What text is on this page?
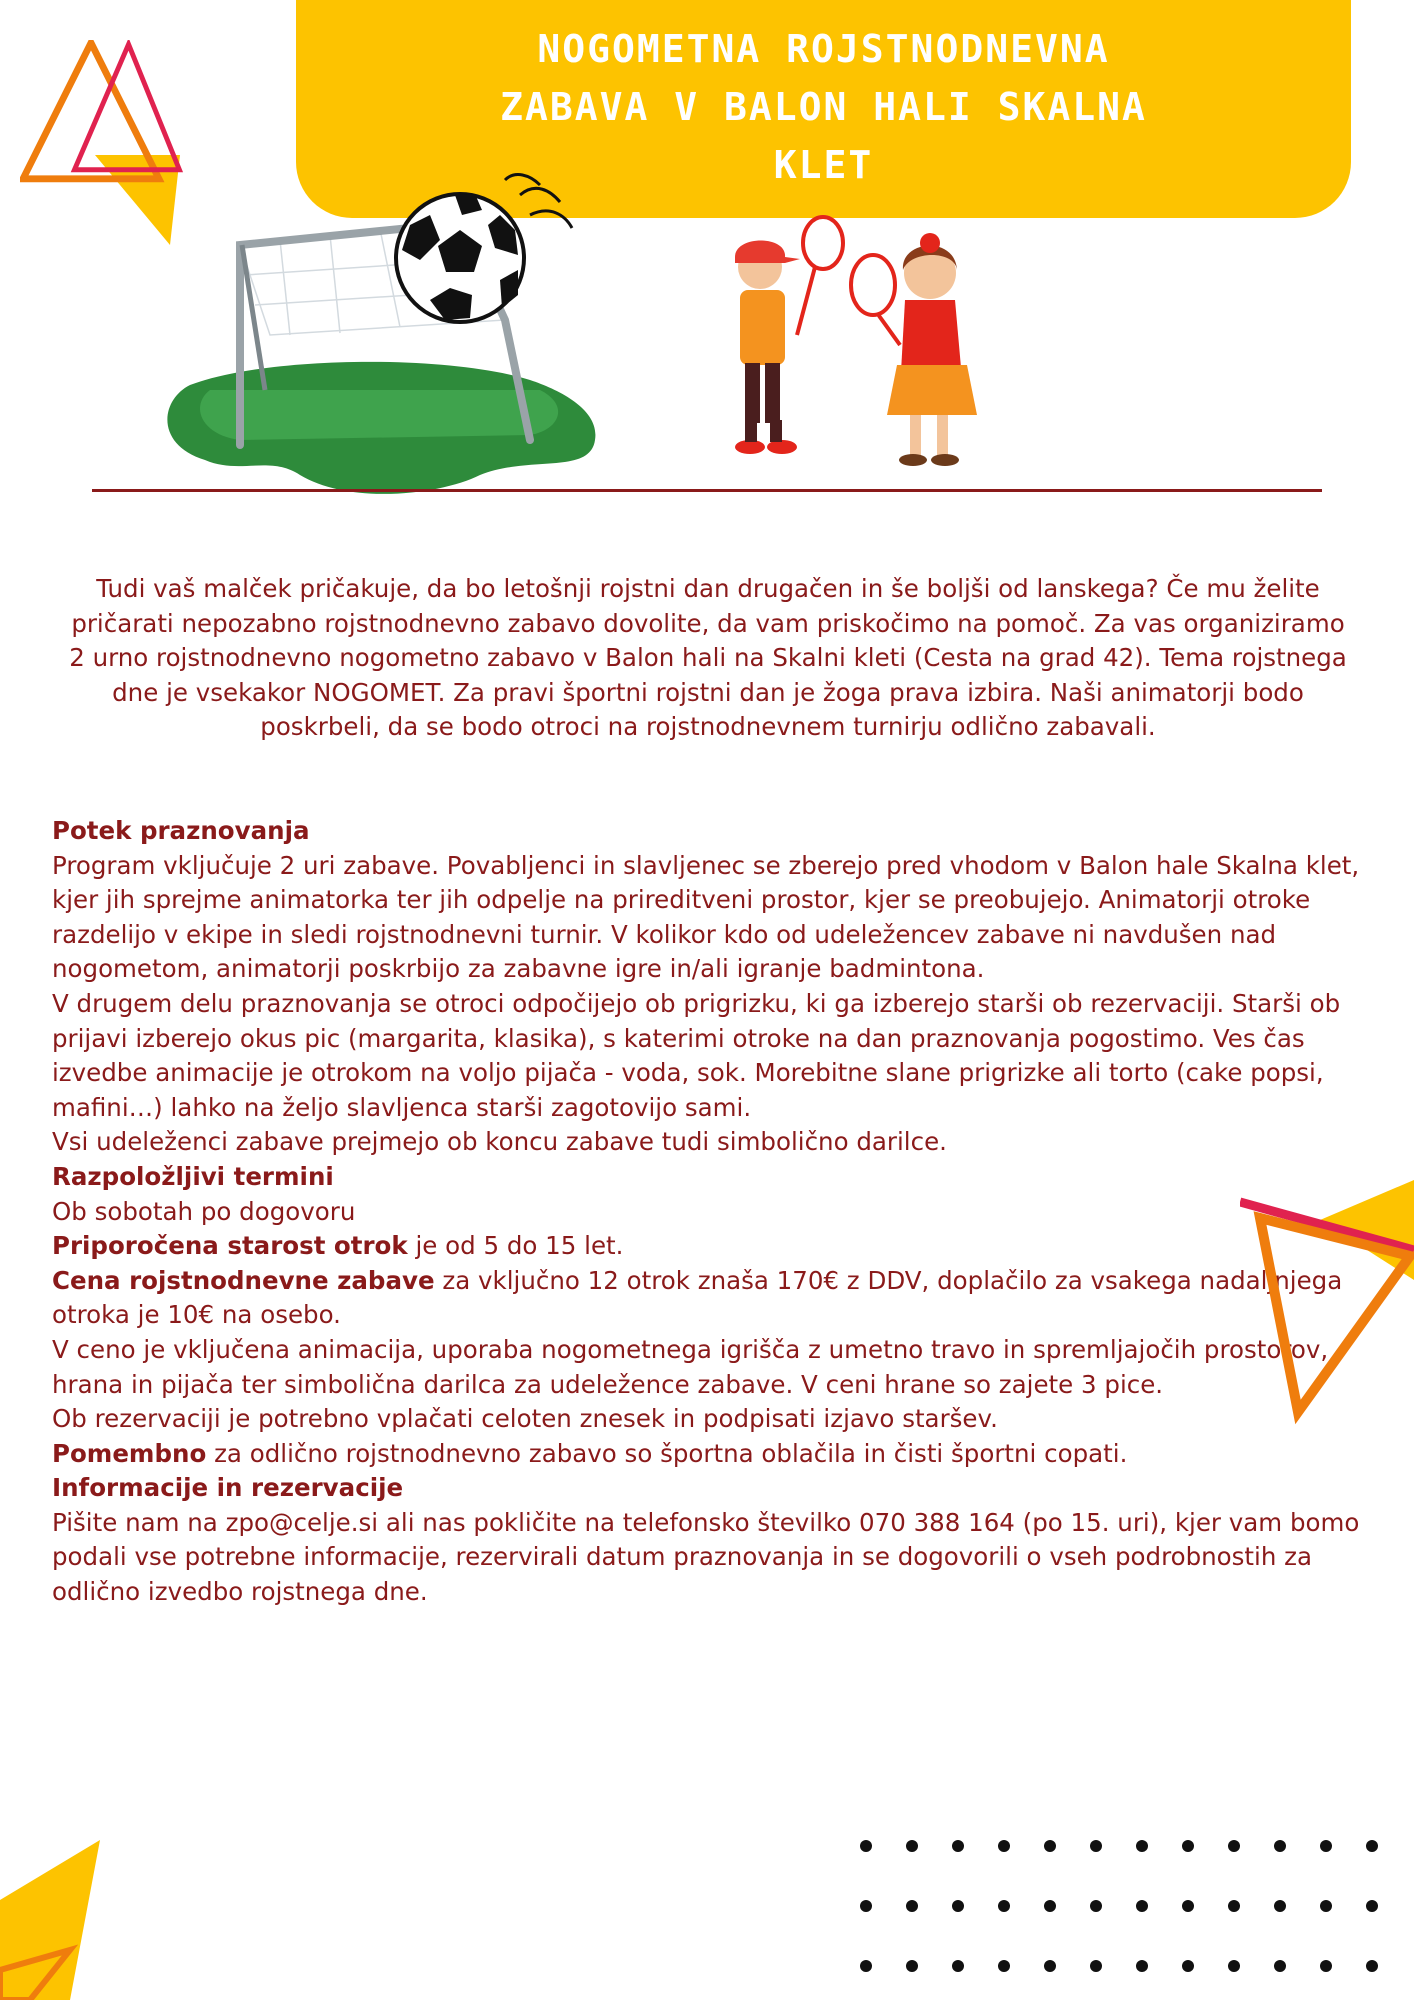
NOGOMETNA ROJSTNODNEVNA
ZABAVA V BALON HALI SKALNA
KLET
Tudi vaš malček pričakuje, da bo letošnji rojstni dan drugačen in še boljši od lanskega? Če mu želite pričarati nepozabno rojstnodnevno zabavo dovolite, da vam priskočimo na pomoč. Za vas organiziramo 2 urno rojstnodnevno nogometno zabavo v Balon hali na Skalni kleti (Cesta na grad 42). Tema rojstnega dne je vsekakor NOGOMET. Za pravi športni rojstni dan je žoga prava izbira. Naši animatorji bodo poskrbeli, da se bodo otroci na rojstnodnevnem turnirju odlično zabavali.

Potek praznovanja

Program vključuje 2 uri zabave. Povabljenci in slavljenec se zberejo pred vhodom v Balon hale Skalna klet, kjer jih sprejme animatorka ter jih odpelje na prireditveni prostor, kjer se preobujejo. Animatorji otroke razdelijo v ekipe in sledi rojstnodnevni turnir. V kolikor kdo od udeležencev zabave ni navdušen nad nogometom, animatorji poskrbijo za zabavne igre in/ali igranje badmintona.

V drugem delu praznovanja se otroci odpočijejo ob prigrizku, ki ga izberejo starši ob rezervaciji. Starši ob prijavi izberejo okus pic (margarita, klasika), s katerimi otroke na dan praznovanja pogostimo. Ves čas izvedbe animacije je otrokom na voljo pijača - voda, sok. Morebitne slane prigrizke ali torto (cake popsi, mafini…) lahko na željo slavljenca starši zagotovijo sami.

Vsi udeleženci zabave prejmejo ob koncu zabave tudi simbolično darilce.

Razpoložljivi termini

Ob sobotah po dogovoru

Priporočena starost otrok je od 5 do 15 let.

Cena rojstnodnevne zabave za vključno 12 otrok znaša 170€ z DDV, doplačilo za vsakega nadaljnjega otroka je 10€ na osebo.

V ceno je vključena animacija, uporaba nogometnega igrišča z umetno travo in spremljajočih prostorov, hrana in pijača ter simbolična darilca za udeležence zabave. V ceni hrane so zajete 3 pice.

Ob rezervaciji je potrebno vplačati celoten znesek in podpisati izjavo staršev.

Pomembno za odlično rojstnodnevno zabavo so športna oblačila in čisti športni copati.

Informacije in rezervacije

Pišite nam na zpo@celje.si ali nas pokličite na telefonsko številko 070 388 164 (po 15. uri), kjer vam bomo podali vse potrebne informacije, rezervirali datum praznovanja in se dogovorili o vseh podrobnostih za odlično izvedbo rojstnega dne.
